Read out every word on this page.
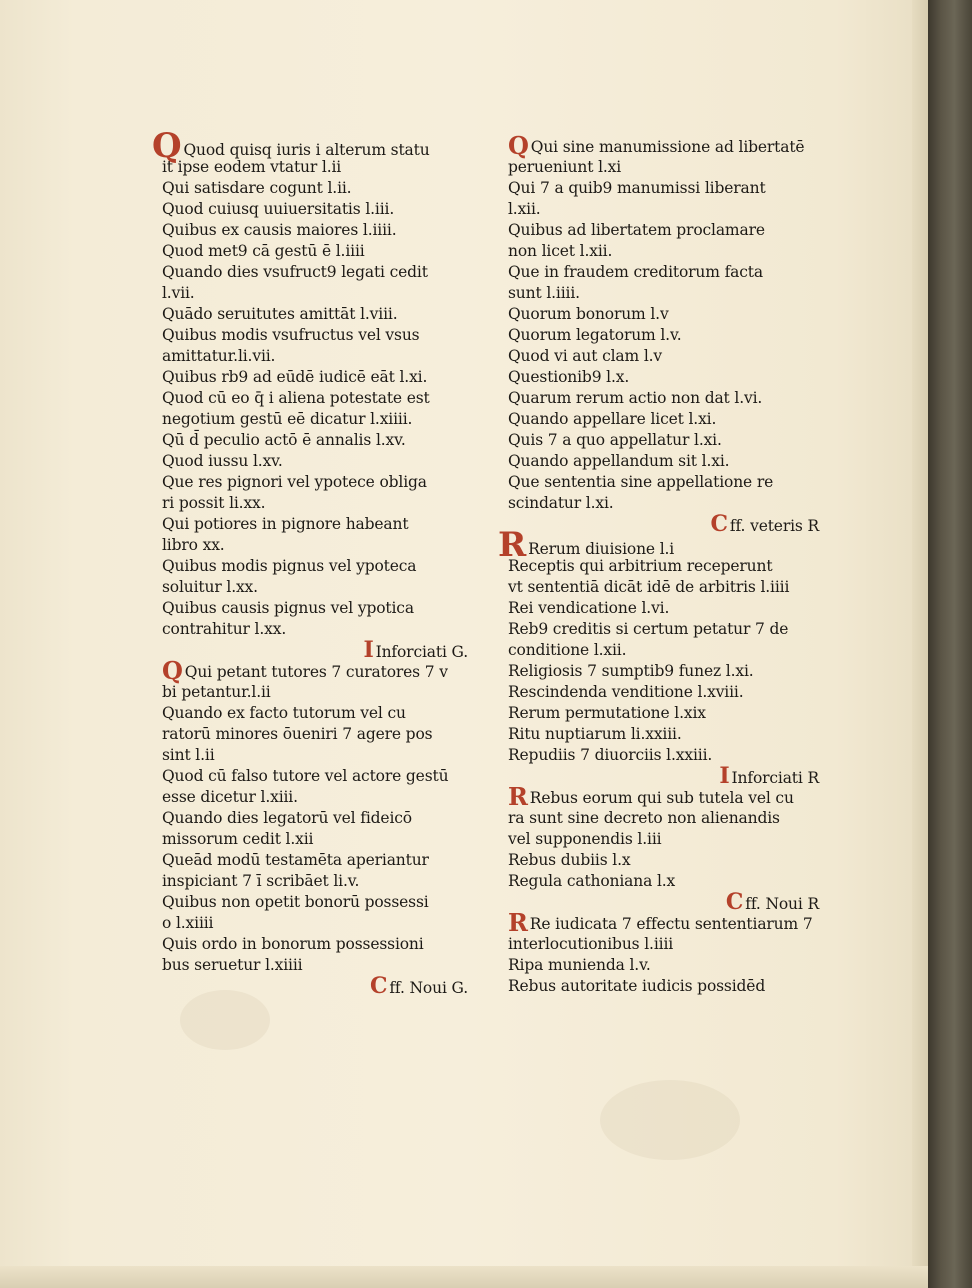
Q Quod quisq iuris i alterum statu
it ipse eodem vtatur l.ii
Qui satisdare cogunt l.ii.
Quod cuiusq uuiuersitatis l.iii.
Quibus ex causis maiores l.iiii.
Quod met9 cā gestū ē l.iiii
Quando dies vsufruct9 legati cedit
l.vii.
Quādo seruitutes amittāt l.viii.
Quibus modis vsufructus vel vsus
amittatur.li.vii.
Quibus rb9 ad eūdē iudicē eāt l.xi.
Quod cū eo q̄ i aliena potestate est
negotium gestū eē dicatur l.xiiii.
Qū d̄ peculio actō ē annalis l.xv.
Quod iussu l.xv.
Que res pignori vel ypotece obliga
ri possit li.xx.
Qui potiores in pignore habeant
libro xx.
Quibus modis pignus vel ypoteca
soluitur l.xx.
Quibus causis pignus vel ypotica
contrahitur l.xx.
I Inforciati G.
Q Qui petant tutores 7 curatores 7 v
bi petantur.l.ii
Quando ex facto tutorum vel cu
ratorū minores ōueniri 7 agere pos
sint l.ii
Quod cū falso tutore vel actore gestū
esse dicetur l.xiii.
Quando dies legatorū vel fideicō
missorum cedit l.xii
Queād modū testamēta aperiantur
inspiciant 7 ī scribāet li.v.
Quibus non opetit bonorū possessi
o l.xiiii
Quis ordo in bonorum possessioni
bus seruetur l.xiiii
C ff. Noui G.
Q Qui sine manumissione ad libertatē
perueniunt l.xi
Qui 7 a quib9 manumissi liberant
l.xii.
Quibus ad libertatem proclamare
non licet l.xii.
Que in fraudem creditorum facta
sunt l.iiii.
Quorum bonorum l.v
Quorum legatorum l.v.
Quod vi aut clam l.v
Questionib9 l.x.
Quarum rerum actio non dat l.vi.
Quando appellare licet l.xi.
Quis 7 a quo appellatur l.xi.
Quando appellandum sit l.xi.
Que sententia sine appellatione re
scindatur l.xi.
C ff. veteris R
R Rerum diuisione l.i
Receptis qui arbitrium receperunt
vt sententiā dicāt idē de arbitris l.iiii
Rei vendicatione l.vi.
Reb9 creditis si certum petatur 7 de
conditione l.xii.
Religiosis 7 sumptib9 funez l.xi.
Rescindenda venditione l.xviii.
Rerum permutatione l.xix
Ritu nuptiarum li.xxiii.
Repudiis 7 diuorciis l.xxiii.
I Inforciati R
R Rebus eorum qui sub tutela vel cu
ra sunt sine decreto non alienandis
vel supponendis l.iii
Rebus dubiis l.x
Regula cathoniana l.x
C ff. Noui R
R Re iudicata 7 effectu sententiarum 7
interlocutionibus l.iiii
Ripa munienda l.v.
Rebus autoritate iudicis possidēd
